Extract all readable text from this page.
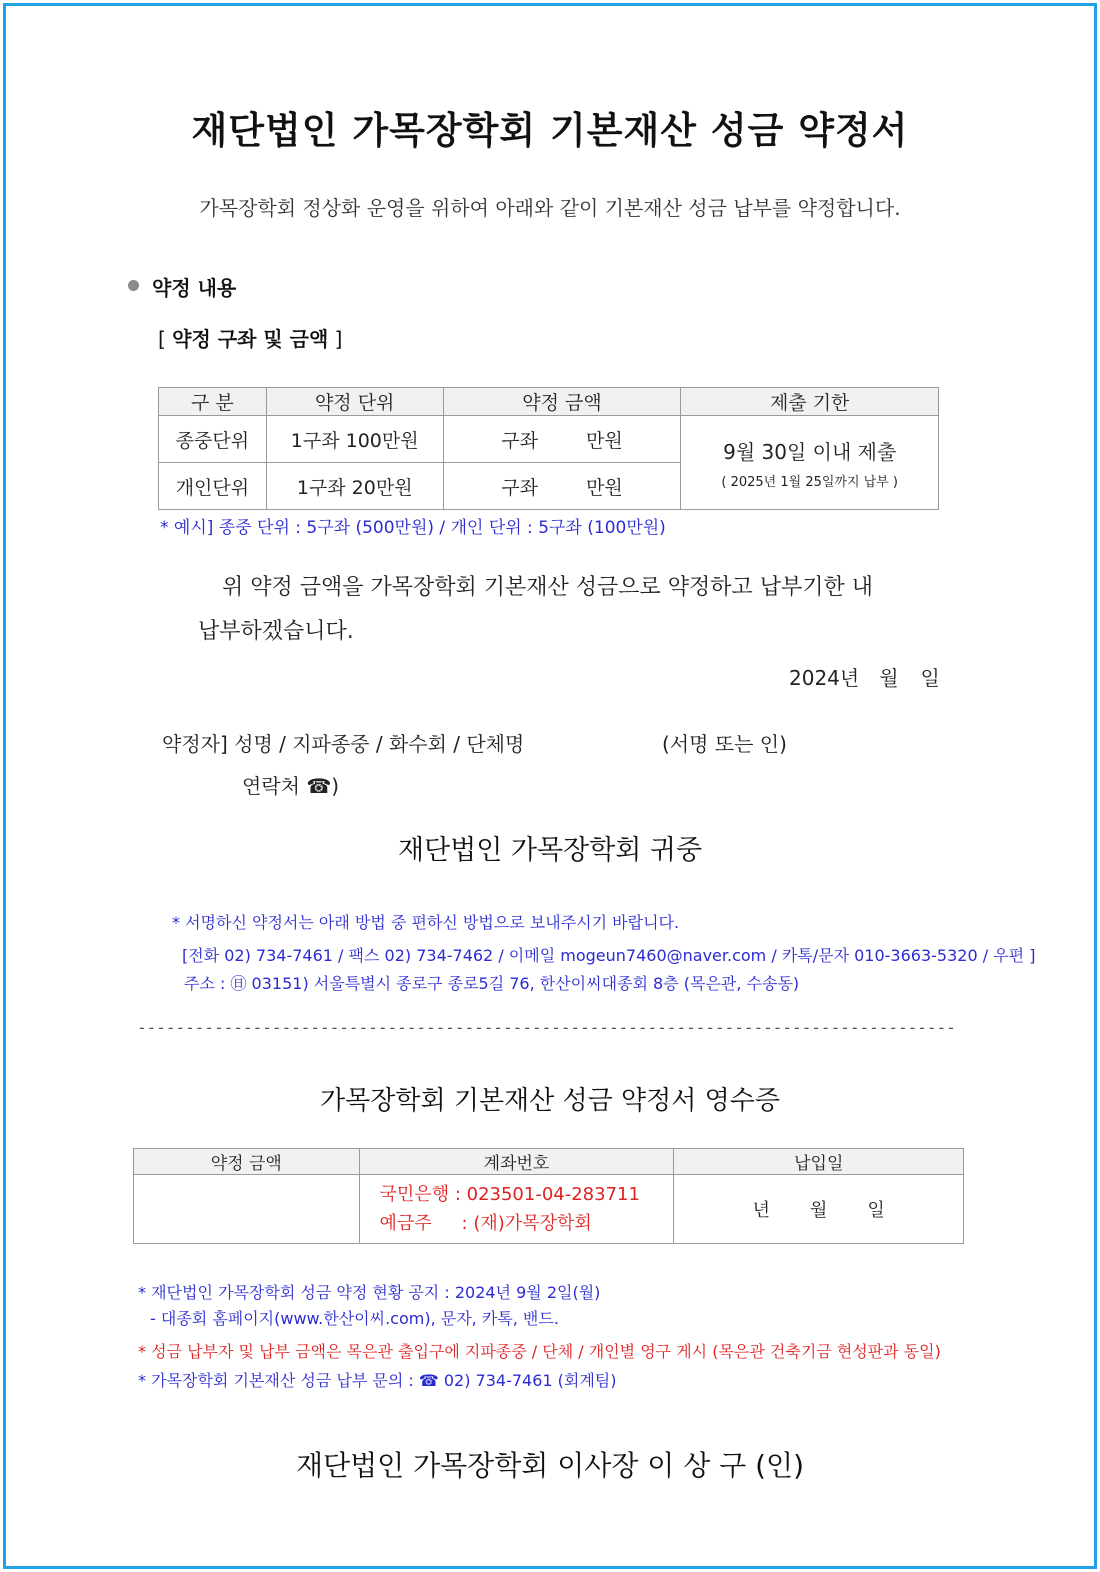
재단법인 가목장학회 기본재산 성금 약정서
가목장학회 정상화 운영을 위하여 아래와 같이 기본재산 성금 납부를 약정합니다.
약정 내용
[ 약정 구좌 및 금액 ]
구 분	약정 단위	약정 금액	제출 기한
종중단위	1구좌 100만원	구좌 만원	9월 30일 이내 제출
( 2025년 1월 25일까지 납부 )

개인단위	1구좌 20만원	구좌 만원	
* 예시] 종중 단위 : 5구좌 (500만원) / 개인 단위 : 5구좌 (100만원)
위 약정 금액을 가목장학회 기본재산 성금으로 약정하고 납부기한 내
납부하겠습니다.
2024년 월 일
약정자] 성명 / 지파종중 / 화수회 / 단체명	(서명 또는 인)
연락처 ☎)
재단법인 가목장학회 귀중
* 서명하신 약정서는 아래 방법 중 편하신 방법으로 보내주시기 바랍니다.
[전화 02) 734-7461 / 팩스 02) 734-7462 / 이메일 mogeun7460@naver.com / 카톡/문자 010-3663-5320 / 우편 ]
주소 : ㊐ 03151) 서울특별시 종로구 종로5길 76, 한산이씨대종회 8층 (목은관, 수송동)
-------------------------------------------------------------------------------------
가목장학회 기본재산 성금 약정서 영수증
약정 금액	계좌번호	납입일

	국민은행 : 023501-04-283711
예금주 : (재)가목장학회	년 월 일
* 재단법인 가목장학회 성금 약정 현황 공지 : 2024년 9월 2일(월)
- 대종회 홈페이지(www.한산이씨.com), 문자, 카톡, 밴드.
* 성금 납부자 및 납부 금액은 목은관 출입구에 지파종중 / 단체 / 개인별 영구 게시 (목은관 건축기금 현성판과 동일)
* 가목장학회 기본재산 성금 납부 문의 : ☎ 02) 734-7461 (회계팀)
재단법인 가목장학회 이사장 이 상 구 (인)
